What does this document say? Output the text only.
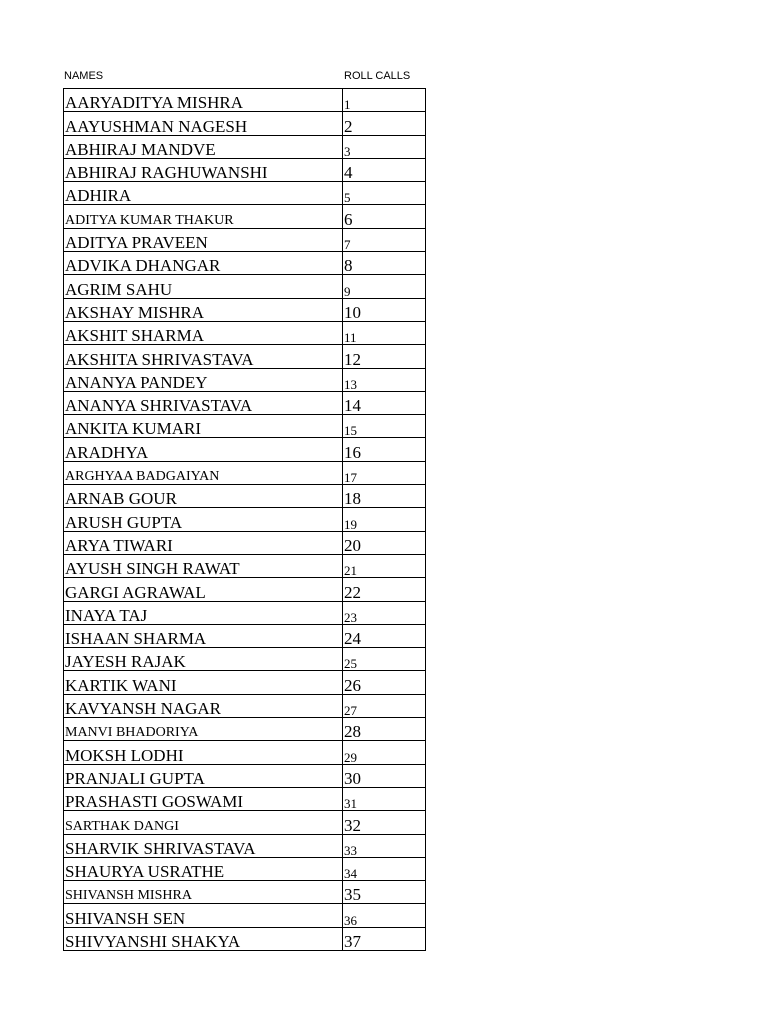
NAMES	ROLL CALLS
AARYADITYA MISHRA	1
AAYUSHMAN NAGESH	2
ABHIRAJ MANDVE	3
ABHIRAJ RAGHUWANSHI	4
ADHIRA	5
ADITYA KUMAR THAKUR	6
ADITYA PRAVEEN	7
ADVIKA DHANGAR	8
AGRIM SAHU	9
AKSHAY MISHRA	10
AKSHIT SHARMA	11
AKSHITA SHRIVASTAVA	12
ANANYA PANDEY	13
ANANYA SHRIVASTAVA	14
ANKITA KUMARI	15
ARADHYA	16
ARGHYAA BADGAIYAN	17
ARNAB GOUR	18
ARUSH GUPTA	19
ARYA TIWARI	20
AYUSH SINGH RAWAT	21
GARGI AGRAWAL	22
INAYA TAJ	23
ISHAAN SHARMA	24
JAYESH RAJAK	25
KARTIK WANI	26
KAVYANSH NAGAR	27
MANVI BHADORIYA	28
MOKSH LODHI	29
PRANJALI GUPTA	30
PRASHASTI GOSWAMI	31
SARTHAK DANGI	32
SHARVIK SHRIVASTAVA	33
SHAURYA USRATHE	34
SHIVANSH MISHRA	35
SHIVANSH SEN	36
SHIVYANSHI SHAKYA	37
